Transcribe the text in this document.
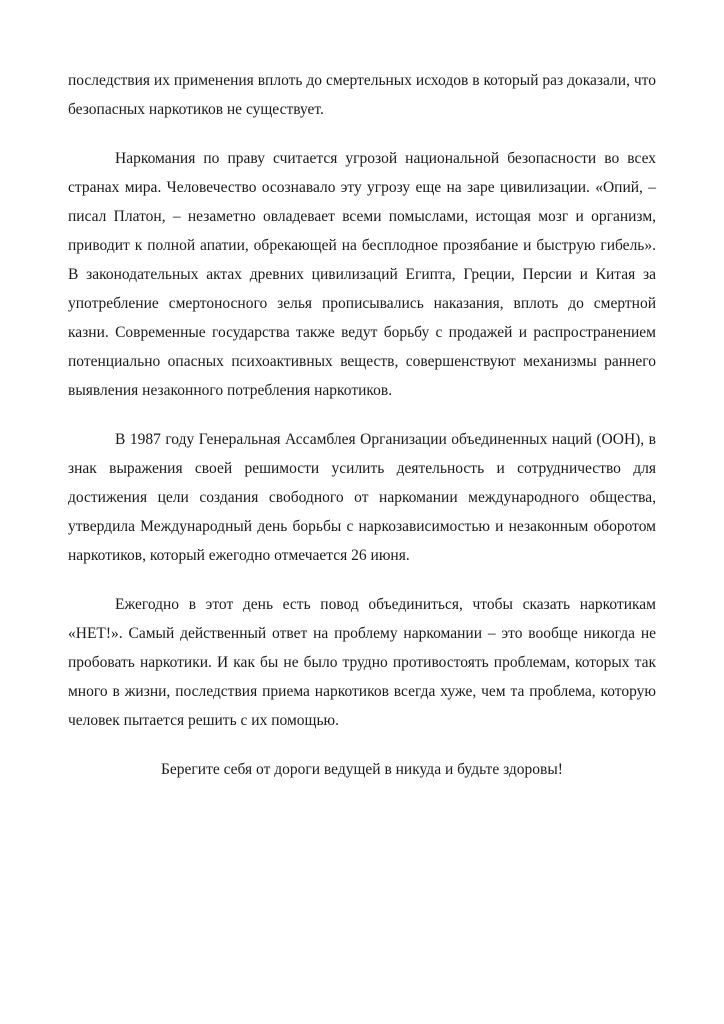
последствия их применения вплоть до смертельных исходов в который раз доказали, что безопасных наркотиков не существует.

Наркомания по праву считается угрозой национальной безопасности во всех странах мира. Человечество осознавало эту угрозу еще на заре цивилизации. «Опий, – писал Платон, – незаметно овладевает всеми помыслами, истощая мозг и организм, приводит к полной апатии, обрекающей на бесплодное прозябание и быструю гибель». В законодательных актах древних цивилизаций Египта, Греции, Персии и Китая за употребление смертоносного зелья прописывались наказания, вплоть до смертной казни. Современные государства также ведут борьбу с продажей и распространением потенциально опасных психоактивных веществ, совершенствуют механизмы раннего выявления незаконного потребления наркотиков.

В 1987 году Генеральная Ассамблея Организации объединенных наций (ООН), в знак выражения своей решимости усилить деятельность и сотрудничество для достижения цели создания свободного от наркомании международного общества, утвердила Международный день борьбы с наркозависимостью и незаконным оборотом наркотиков, который ежегодно отмечается 26 июня.

Ежегодно в этот день есть повод объединиться, чтобы сказать наркотикам «НЕТ!». Самый действенный ответ на проблему наркомании – это вообще никогда не пробовать наркотики. И как бы не было трудно противостоять проблемам, которых так много в жизни, последствия приема наркотиков всегда хуже, чем та проблема, которую человек пытается решить с их помощью.

Берегите себя от дороги ведущей в никуда и будьте здоровы!
